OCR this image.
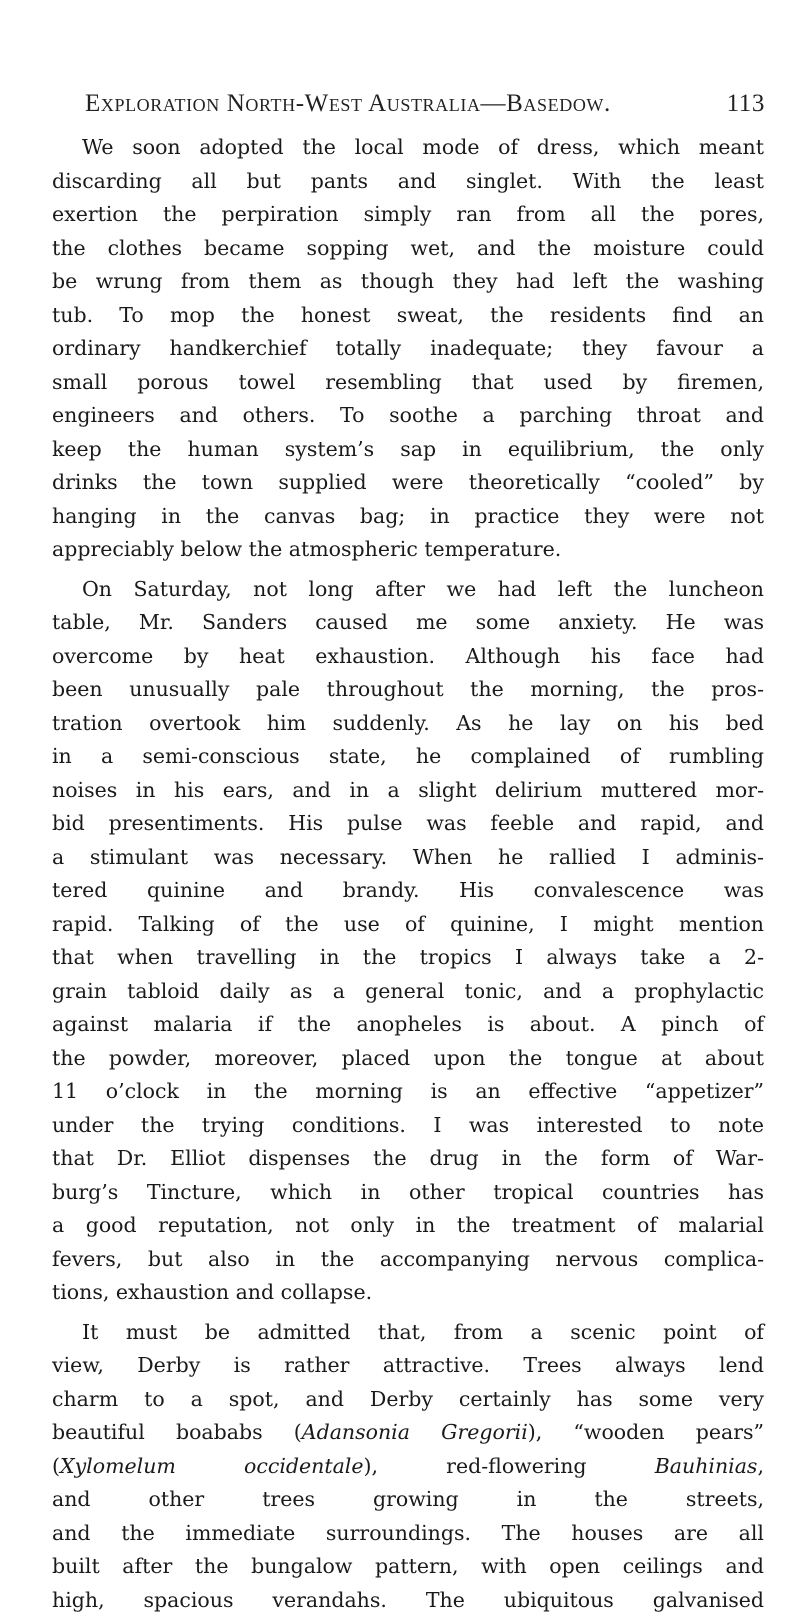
Exploration North-West Australia—Basedow.	113
We soon adopted the local mode of dress, which meant
discarding all but pants and singlet. With the least
exertion the perpiration simply ran from all the pores,
the clothes became sopping wet, and the moisture could
be wrung from them as though they had left the washing
tub. To mop the honest sweat, the residents find an
ordinary handkerchief totally inadequate; they favour a
small porous towel resembling that used by firemen,
engineers and others. To soothe a parching throat and
keep the human system’s sap in equilibrium, the only
drinks the town supplied were theoretically “cooled” by
hanging in the canvas bag; in practice they were not
appreciably below the atmospheric temperature.
On Saturday, not long after we had left the luncheon
table, Mr. Sanders caused me some anxiety. He was
overcome by heat exhaustion. Although his face had
been unusually pale throughout the morning, the pros-
tration overtook him suddenly. As he lay on his bed
in a semi-conscious state, he complained of rumbling
noises in his ears, and in a slight delirium muttered mor-
bid presentiments. His pulse was feeble and rapid, and
a stimulant was necessary. When he rallied I adminis-
tered quinine and brandy. His convalescence was
rapid. Talking of the use of quinine, I might mention
that when travelling in the tropics I always take a 2-
grain tabloid daily as a general tonic, and a prophylactic
against malaria if the anopheles is about. A pinch of
the powder, moreover, placed upon the tongue at about
11 o’clock in the morning is an effective “appetizer”
under the trying conditions. I was interested to note
that Dr. Elliot dispenses the drug in the form of War-
burg’s Tincture, which in other tropical countries has
a good reputation, not only in the treatment of malarial
fevers, but also in the accompanying nervous complica-
tions, exhaustion and collapse.
It must be admitted that, from a scenic point of
view, Derby is rather attractive. Trees always lend
charm to a spot, and Derby certainly has some very
beautiful boababs (Adansonia Gregorii), “wooden pears”
(Xylomelum occidentale), red-flowering Bauhinias,
and other trees growing in the streets,
and the immediate surroundings. The houses are all
built after the bungalow pattern, with open ceilings and
high, spacious verandahs. The ubiquitous galvanised
